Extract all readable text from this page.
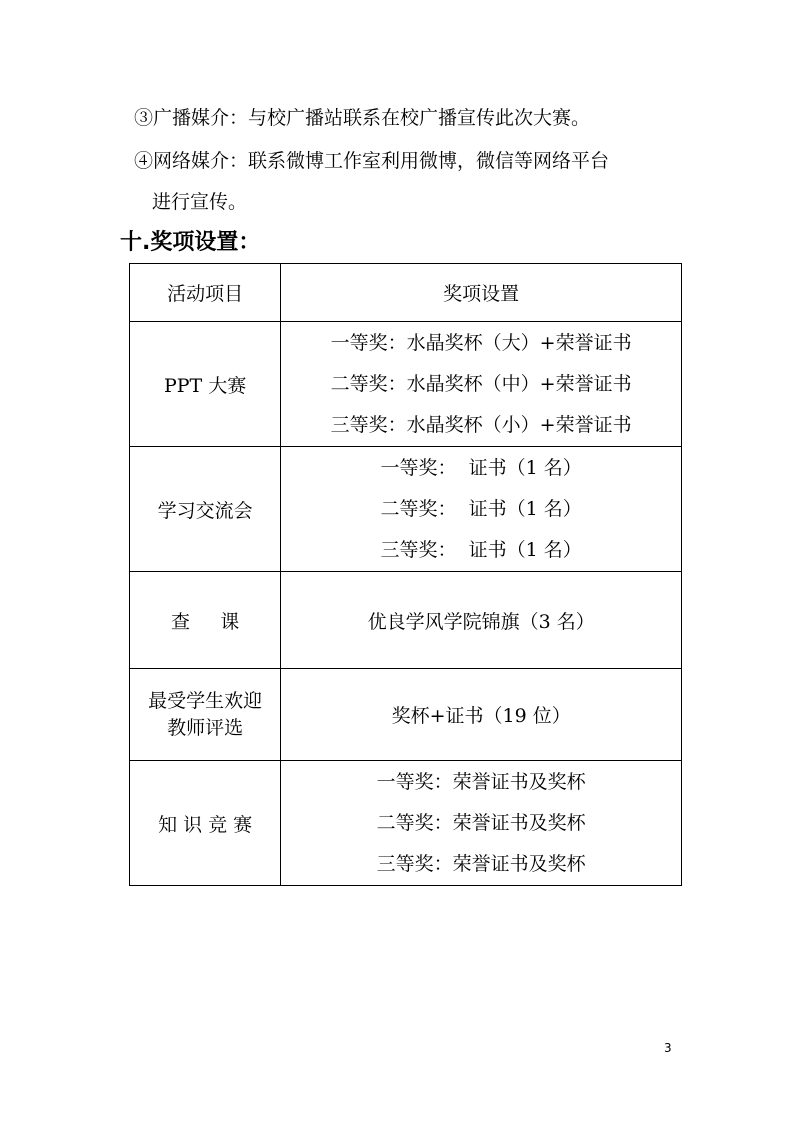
③广播媒介：与校广播站联系在校广播宣传此次大赛。
④网络媒介：联系微博工作室利用微博，微信等网络平台
进行宣传。
十.奖项设置：
活动项目	奖项设置
PPT 大赛	一等奖：水晶奖杯（大）+荣誉证书
二等奖：水晶奖杯（中）+荣誉证书
三等奖：水晶奖杯（小）+荣誉证书

学习交流会	一等奖：  证书（1 名）
二等奖：  证书（1 名）
三等奖：  证书（1 名）

查     课	优良学风学院锦旗（3 名）

最受学生欢迎
教师评选	奖杯+证书（19 位）
知 识 竞 赛	一等奖：荣誉证书及奖杯
二等奖：荣誉证书及奖杯
三等奖：荣誉证书及奖杯
3
